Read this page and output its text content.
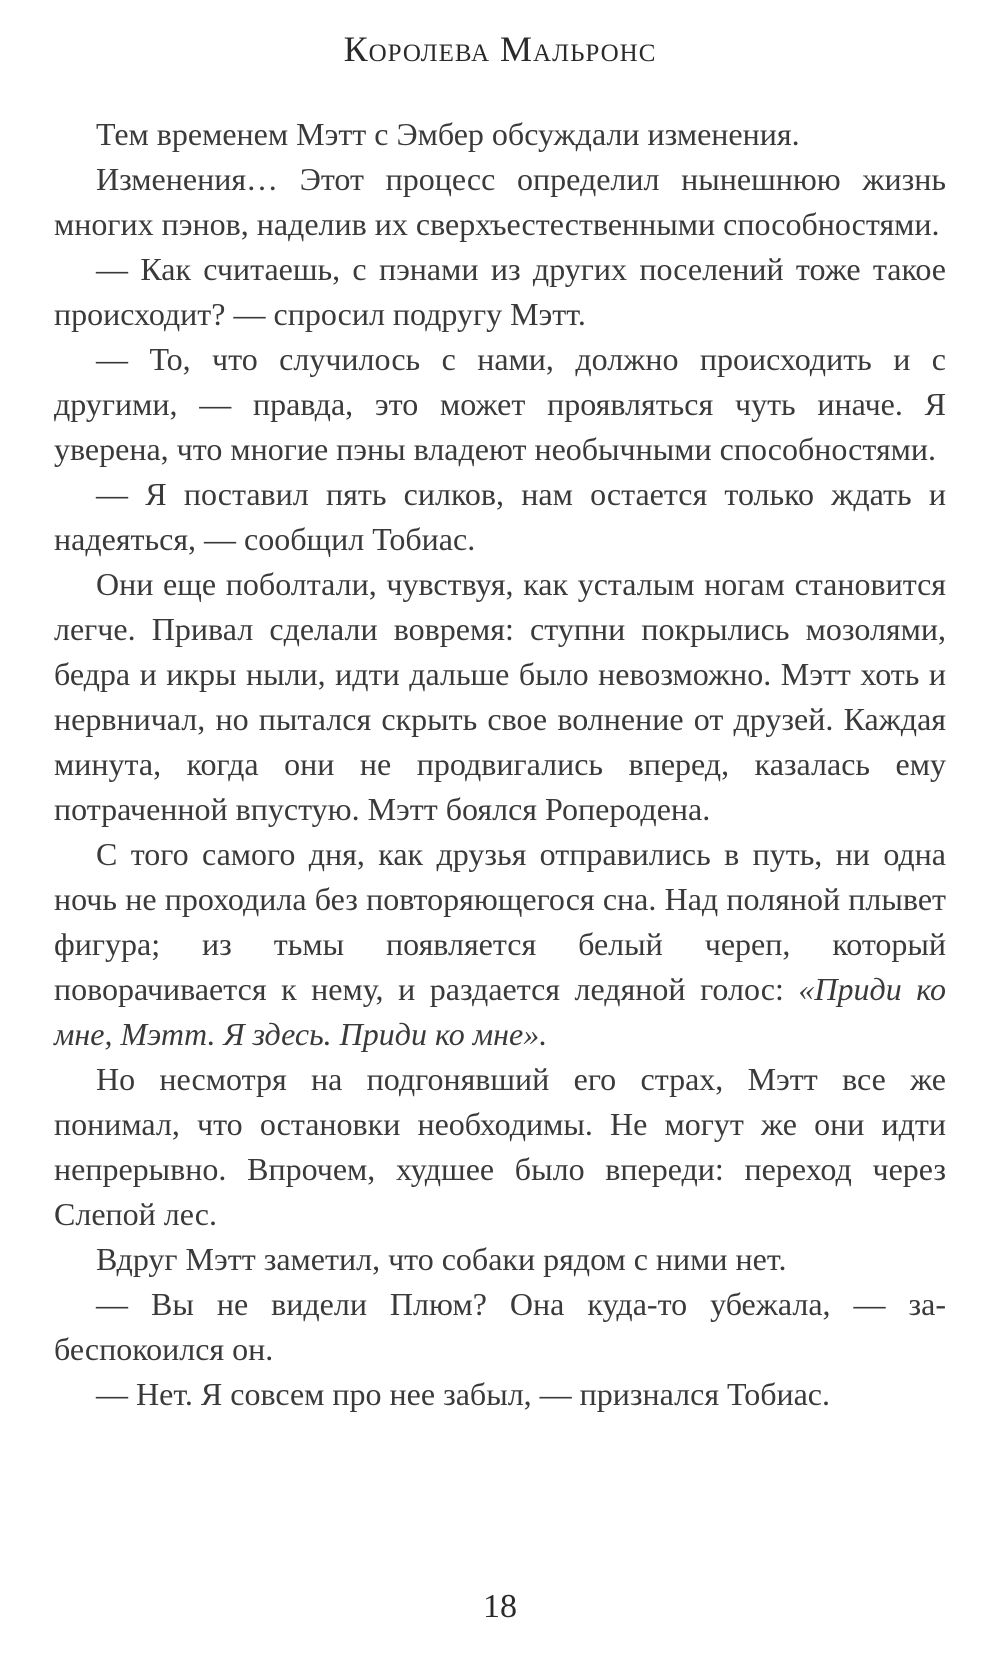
Королева Мальронс

Тем временем Мэтт с Эмбер обсуждали изменения.

Изменения… Этот процесс определил нынешнюю жизнь многих пэнов, наделив их сверхъестественными способностями.

— Как считаешь, с пэнами из других поселений тоже такое происходит? — спросил подругу Мэтт.

— То, что случилось с нами, должно происходить и с другими, — правда, это может проявляться чуть иначе. Я уверена, что многие пэны владеют необычными способностями.

— Я поставил пять силков, нам остается только ждать и надеяться, — сообщил Тобиас.

Они еще поболтали, чувствуя, как усталым ногам становится легче. Привал сделали вовремя: ступни покрылись мозолями, бедра и икры ныли, идти дальше было невозможно. Мэтт хоть и нервничал, но пытался скрыть свое волнение от друзей. Каждая минута, когда они не продвигались вперед, казалась ему потраченной впустую. Мэтт боялся Роперодена.

С того самого дня, как друзья отправились в путь, ни одна ночь не проходила без повторяющегося сна. Над поляной плывет фигура; из тьмы появляется белый череп, который поворачивается к нему, и раздается ледяной голос: «Приди ко мне, Мэтт. Я здесь. Приди ко мне».

Но несмотря на подгонявший его страх, Мэтт все же понимал, что остановки необходимы. Не могут же они идти непрерывно. Впрочем, худшее было впереди: переход через Слепой лес.

Вдруг Мэтт заметил, что собаки рядом с ними нет.

— Вы не видели Плюм? Она куда-то убежала, — забеспокоился он.

— Нет. Я совсем про нее забыл, — признался Тобиас.

18
